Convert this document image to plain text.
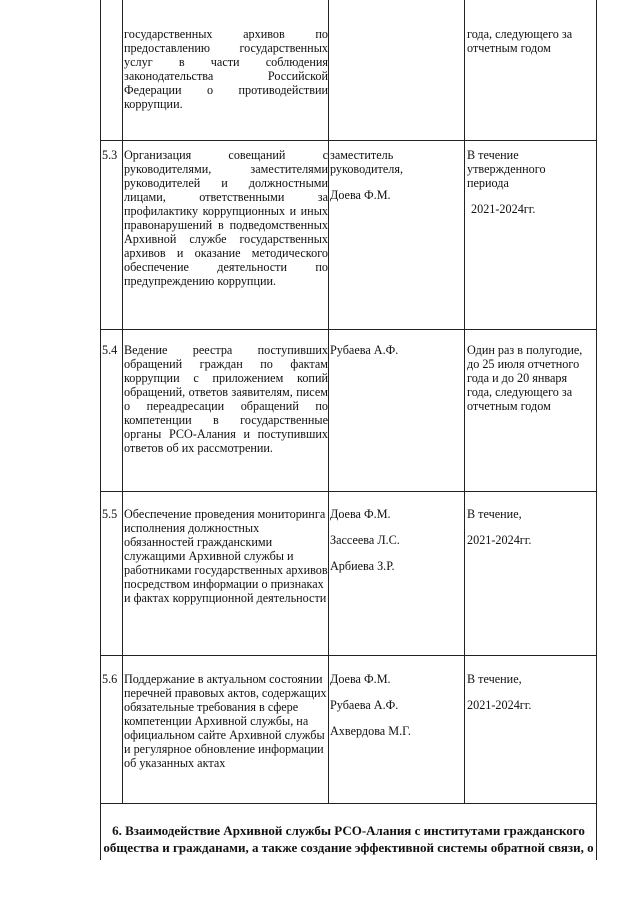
государственных архивов по предоставлению государственных услуг в части соблюдения законодательства Российской Федерации о противодействии коррупции.

года, следующего за отчетным годом

5.3 Организация совещаний с руководителями, заместителями руководителей и должностными лицами, ответственными за профилактику коррупционных и иных правонарушений в подведомственных Архивной службе государственных архивов и оказание методического обеспечение деятельности по предупреждению коррупции.

заместитель руководителя,

Доева Ф.М.

В течение утвержденного периода

2021-2024гг.

5.4 Ведение реестра поступивших обращений граждан по фактам коррупции с приложением копий обращений, ответов заявителям, писем о переадресации обращений по компетенции в государственные органы РСО-Алания и поступивших ответов об их рассмотрении.

Рубаева А.Ф.	Один раз в полугодие, до 25 июля отчетного года и до 20 января года, следующего за отчетным годом

5.5 Обеспечение проведения мониторинга исполнения должностных обязанностей гражданскими служащими Архивной службы и работниками государственных архивов посредством информации о признаках и фактах коррупционной деятельности

Доева Ф.М.

Зассеева Л.С.

Арбиева З.Р.

В течение,

2021-2024гг.

5.6 Поддержание в актуальном состоянии перечней правовых актов, содержащих обязательные требования в сфере компетенции Архивной службы, на официальном сайте Архивной службы и регулярное обновление информации об указанных актах

Доева Ф.М.

Рубаева А.Ф.

Ахвердова М.Г.

В течение,

2021-2024гг.

6. Взаимодействие Архивной службы РСО-Алания с институтами гражданского общества и гражданами, а также создание эффективной системы обратной связи, о
